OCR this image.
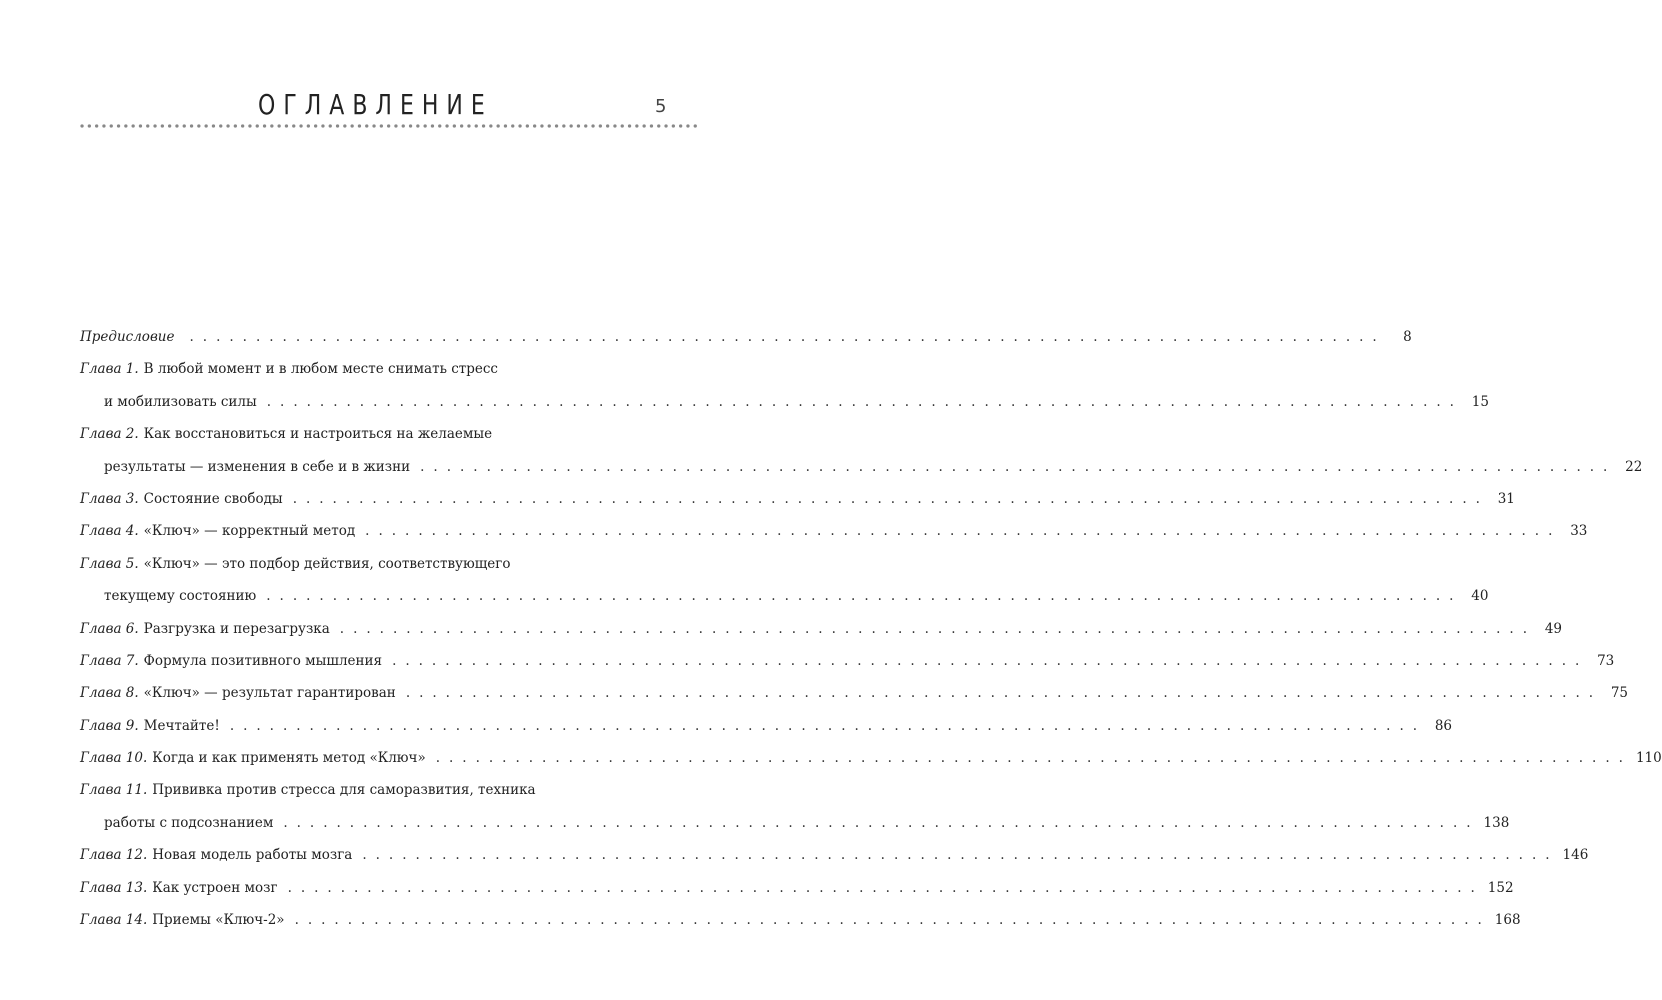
ОГЛАВЛЕНИЕ	5
Предисловие ..........................................................................................	8
Глава 1. В любой момент и в любом месте снимать стресс
и мобилизовать силы .......................................................................................... 15
Глава 2. Как восстановиться и настроиться на желаемые
результаты — изменения в себе и в жизни .......................................................................................... 22
Глава 3. Состояние свободы .......................................................................................... 31
Глава 4. «Ключ» — корректный метод .......................................................................................... 33
Глава 5. «Ключ» — это подбор действия, соответствующего
текущему состоянию .......................................................................................... 40
Глава 6. Разгрузка и перезагрузка .......................................................................................... 49
Глава 7. Формула позитивного мышления .......................................................................................... 73
Глава 8. «Ключ» — результат гарантирован .......................................................................................... 75
Глава 9. Мечтайте! .......................................................................................... 86
Глава 10. Когда и как применять метод «Ключ» .......................................................................................... 110
Глава 11. Прививка против стресса для саморазвития, техника
работы с подсознанием .......................................................................................... 138
Глава 12. Новая модель работы мозга .......................................................................................... 146
Глава 13. Как устроен мозг .......................................................................................... 152
Глава 14. Приемы «Ключ-2» .......................................................................................... 168
